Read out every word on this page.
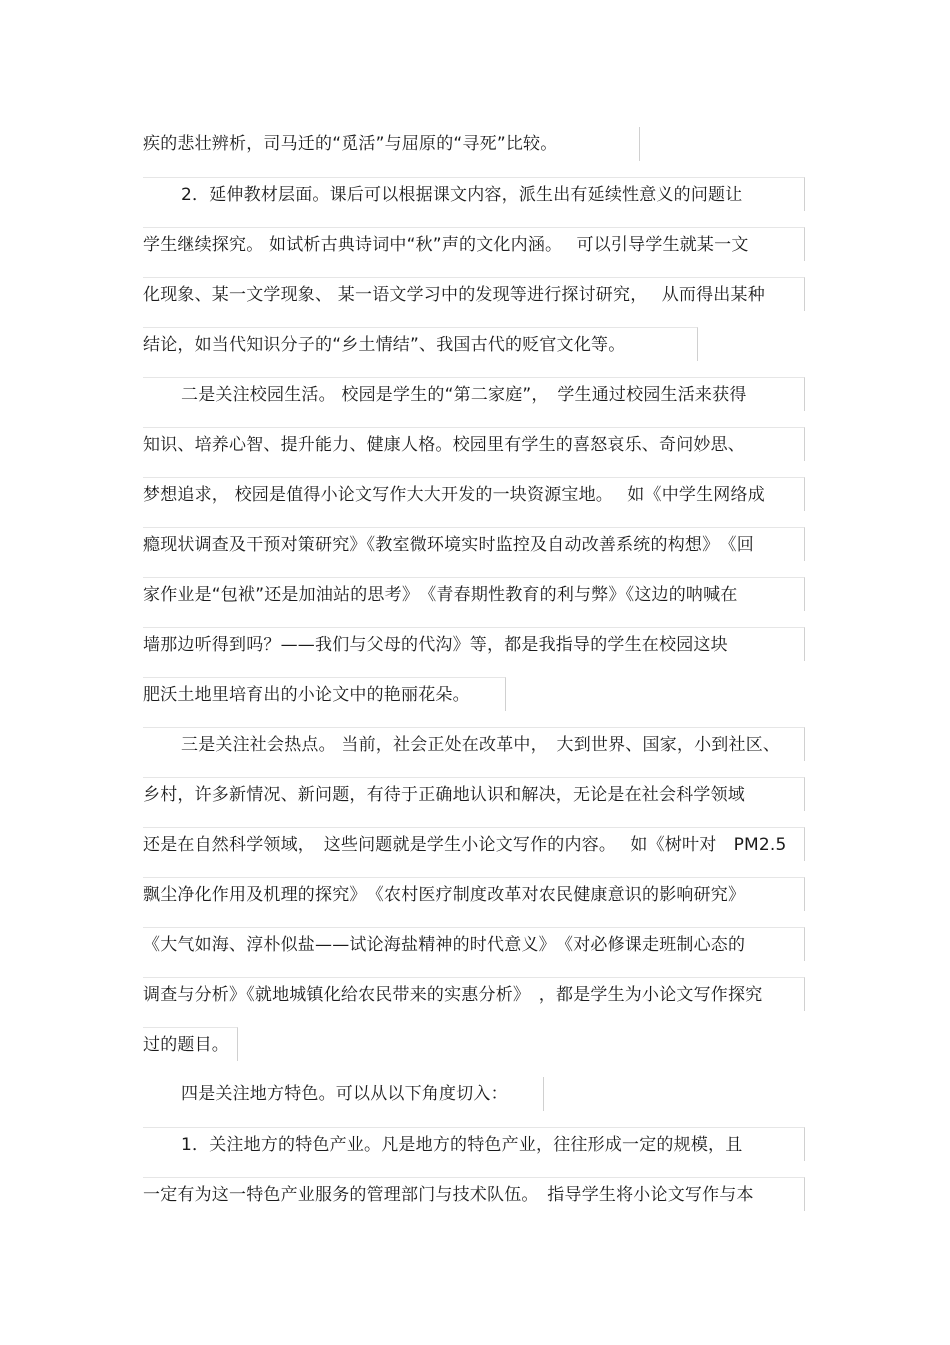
疾的悲壮辨析，司马迁的“觅活”与屈原的“寻死”比较。
2．延伸教材层面。课后可以根据课文内容，派生出有延续性意义的问题让
学生继续探究。 如试析古典诗词中“秋”声的文化内涵。　 可以引导学生就某一文
化现象、某一文学现象、 某一语文学习中的发现等进行探讨研究，　 从而得出某种
结论，如当代知识分子的“乡土情结”、我国古代的贬官文化等。
二是关注校园生活。 校园是学生的“第二家庭”，　学生通过校园生活来获得
知识、培养心智、提升能力、健康人格。校园里有学生的喜怒哀乐、奇问妙思、
梦想追求， 校园是值得小论文写作大大开发的一块资源宝地。　 如《中学生网络成
瘾现状调查及干预对策研究》《教室微环境实时监控及自动改善系统的构想》　《回
家作业是“包袱”还是加油站的思考》　《青春期性教育的利与弊》《这边的呐喊在
墙那边听得到吗？——我们与父母的代沟》等，都是我指导的学生在校园这块
肥沃土地里培育出的小论文中的艳丽花朵。
三是关注社会热点。 当前，社会正处在改革中，　大到世界、国家，小到社区、
乡村，许多新情况、新问题，有待于正确地认识和解决，无论是在社会科学领域
还是在自然科学领域，　这些问题就是学生小论文写作的内容。　 如《树叶对　PM2.5
飘尘净化作用及机理的探究》　《农村医疗制度改革对农民健康意识的影响研究》
《大气如海、淳朴似盐——试论海盐精神的时代意义》　《对必修课走班制心态的
调查与分析》《就地城镇化给农民带来的实惠分析》　，都是学生为小论文写作探究
过的题目。
四是关注地方特色。可以从以下角度切入：
1．关注地方的特色产业。凡是地方的特色产业，往往形成一定的规模，且
一定有为这一特色产业服务的管理部门与技术队伍。　指导学生将小论文写作与本
